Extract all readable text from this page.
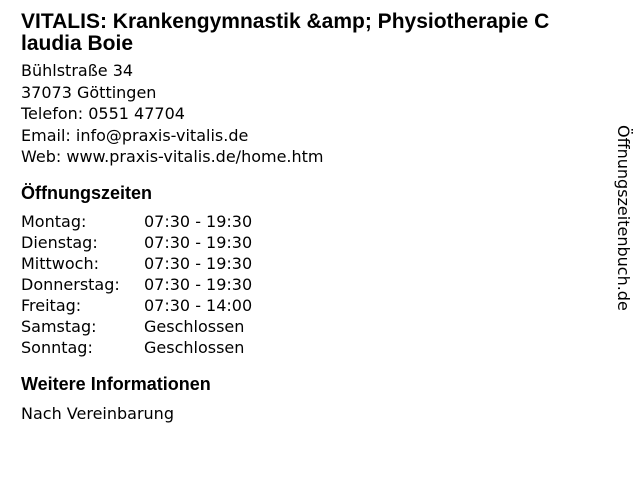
VITALIS: Krankengymnastik &amp; Physiotherapie C
laudia Boie
Bühlstraße 34
37073 Göttingen
Telefon: 0551 47704
Email: info@praxis-vitalis.de
Web: www.praxis-vitalis.de/home.htm
Öffnungszeiten
Montag:	07:30 - 19:30
Dienstag:	07:30 - 19:30
Mittwoch:	07:30 - 19:30
Donnerstag:	07:30 - 19:30
Freitag:	07:30 - 14:00
Samstag:	Geschlossen
Sonntag:	Geschlossen
Weitere Informationen
Nach Vereinbarung
Öffnungszeitenbuch.de
